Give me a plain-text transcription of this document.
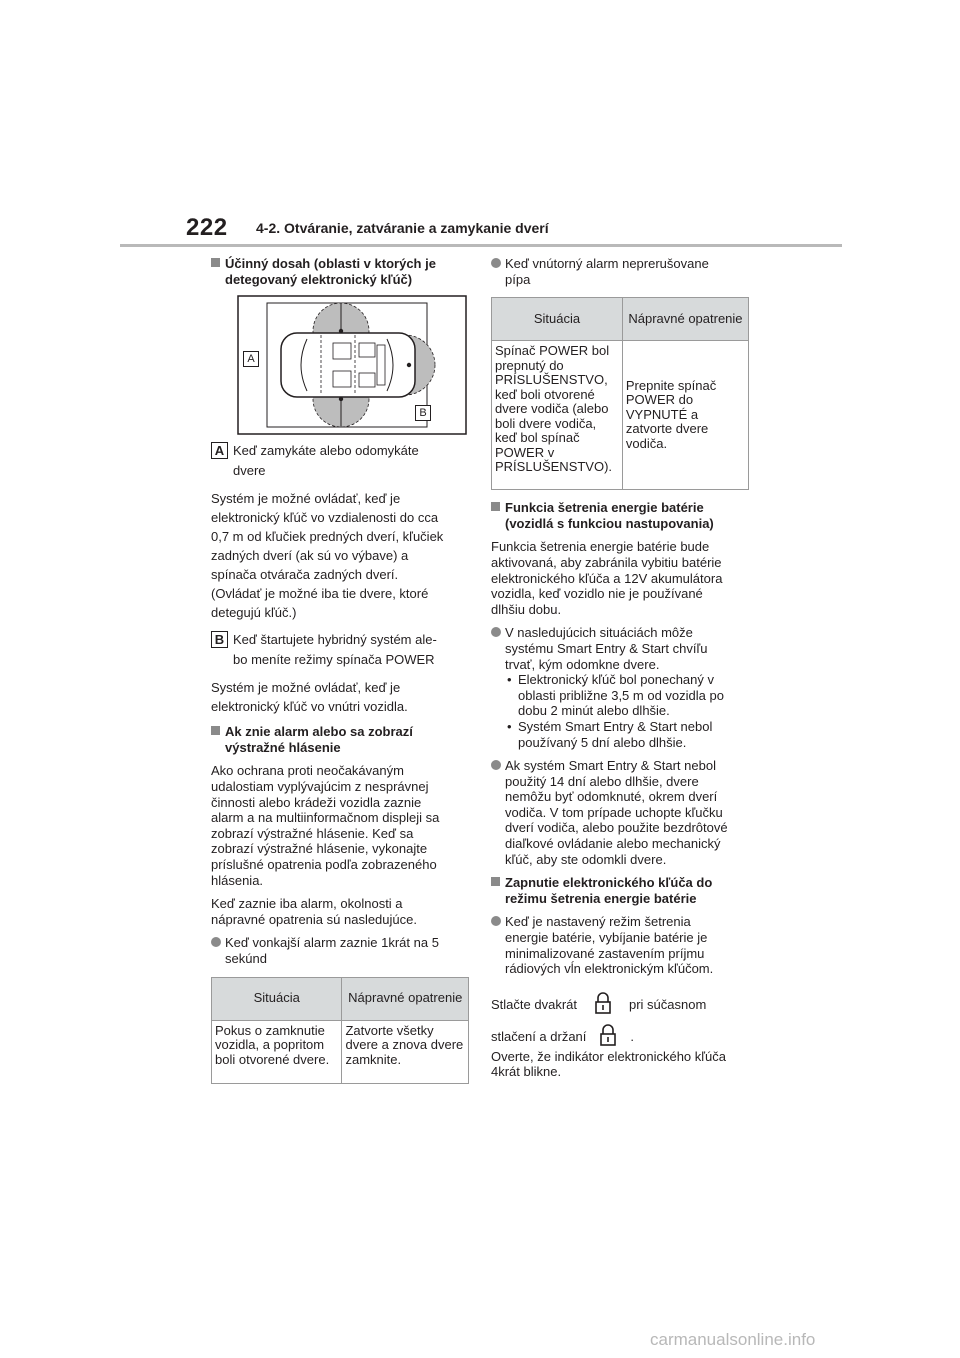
222 4-2. Otváranie, zatváranie a zamykanie dverí
Účinný dosah (oblasti v ktorých je detegovaný elektronický kľúč)
A
B
A Keď zamykáte alebo odomykáte
dvere

Systém je možné ovládať, keď je elektronický kľúč vo vzdialenosti do cca 0,7 m od kľučiek predných dverí, kľučiek zadných dverí (ak sú vo výbave) a spínača otvárača zadných dverí. (Ovládať je možné iba tie dvere, ktoré detegujú kľúč.)

B Keď štartujete hybridný systém ale-
bo meníte režimy spínača POWER

Systém je možné ovládať, keď je elektronický kľúč vo vnútri vozidla.

Ak znie alarm alebo sa zobrazí výstražné hlásenie

Ako ochrana proti neočakávaným udalostiam vyplývajúcim z nesprávnej činnosti alebo krádeži vozidla zaznie alarm a na multiinformačnom displeji sa zobrazí výstražné hlásenie. Keď sa zobrazí výstražné hlásenie, vykonajte príslušné opatrenia podľa zobrazeného hlásenia.

Keď zaznie iba alarm, okolnosti a nápravné opatrenia sú nasledujúce.

Keď vonkajší alarm zaznie 1krát na 5 sekúnd
Situácia	Nápravné opatrenie
Pokus o zamknutie vozidla, a popritom boli otvorené dvere.	Zatvorte všetky dvere a znova dvere zamknite.
Keď vnútorný alarm neprerušovane pípa
Situácia	Nápravné opatrenie
Spínač POWER bol prepnutý do PRÍSLUŠENSTVO, keď boli otvorené dvere vodiča (alebo boli dvere vodiča, keď bol spínač POWER v PRÍSLUŠENSTVO).	Prepnite spínač POWER do VYPNUTÉ a zatvorte dvere vodiča.
Funkcia šetrenia energie batérie (vozidlá s funkciou nastupovania)

Funkcia šetrenia energie batérie bude aktivovaná, aby zabránila vybitiu batérie elektronického kľúča a 12V akumulátora vozidla, keď vozidlo nie je používané dlhšiu dobu.

V nasledujúcich situáciách môže systému Smart Entry & Start chvíľu trvať, kým odomkne dvere.
• Elektronický kľúč bol ponechaný v oblasti približne 3,5 m od vozidla po dobu 2 minút alebo dlhšie.
• Systém Smart Entry & Start nebol používaný 5 dní alebo dlhšie.
Ak systém Smart Entry & Start nebol použitý 14 dní alebo dlhšie, dvere nemôžu byť odomknuté, okrem dverí vodiča. V tom prípade uchopte kľučku dverí vodiča, alebo použite bezdrôtové diaľkové ovládanie alebo mechanický kľúč, aby ste odomkli dvere.
Zapnutie elektronického kľúča do režimu šetrenia energie batérie
Keď je nastavený režim šetrenia energie batérie, vybíjanie batérie je minimalizované zastavením príjmu rádiových vĺn elektronickým kľúčom.

Stlačte dvakrát	pri súčasnom

stlačení a držaní	.

Overte, že indikátor elektronického kľúča 4krát blikne.

carmanualsonline.info
